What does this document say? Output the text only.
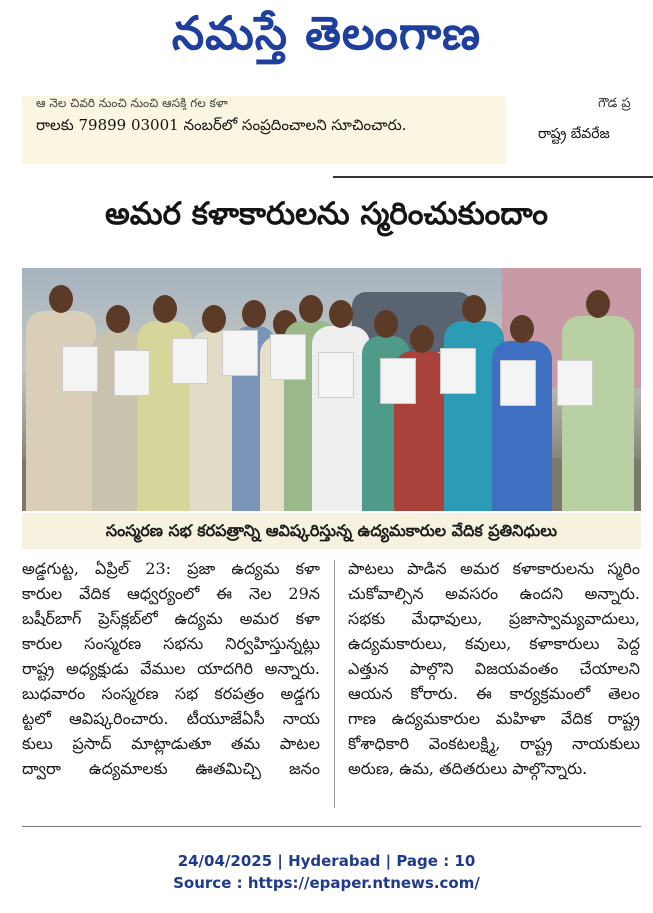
నమస్తే తెలంగాణ
ఆ నెల చివరి నుంచి నుంచి ఆసక్తి గల కళా
రాలకు 79899 03001 నంబర్‌లో సంప్రదించాలని సూచించారు.
గౌడ ప్ర
రాష్ట్ర బేవరేజ
అమర కళాకారులను స్మరించుకుందాం
సంస్మరణ సభ కరపత్రాన్ని ఆవిష్కరిస్తున్న ఉద్యమకారుల వేదిక ప్రతినిధులు
అడ్డగుట్ట, ఏప్రిల్ 23: ప్రజా ఉద్యమ కళా
కారుల వేదిక ఆధ్వర్యంలో ఈ నెల 29న
బషీర్‌బాగ్ ప్రెస్‌క్లబ్‌లో ఉద్యమ అమర కళా
కారుల సంస్మరణ సభను నిర్వహిస్తున్నట్లు
రాష్ట్ర అధ్యక్షుడు వేముల యాదగిరి అన్నారు.
బుధవారం సంస్మరణ సభ కరపత్రం అడ్డగు
ట్టలో ఆవిష్కరించారు. టీయూజేఏసీ నాయ
కులు ప్రసాద్ మాట్లాడుతూ తమ పాటల
ద్వారా ఉద్యమాలకు ఊతమిచ్చి జనం
పాటలు పాడిన అమర కళాకారులను స్మరిం
చుకోవాల్సిన అవసరం ఉందని అన్నారు.
సభకు మేధావులు, ప్రజాస్వామ్యవాదులు,
ఉద్యమకారులు, కవులు, కళాకారులు పెద్ద
ఎత్తున పాల్గొని విజయవంతం చేయాలని
ఆయన కోరారు. ఈ కార్యక్రమంలో తెలం
గాణ ఉద్యమకారుల మహిళా వేదిక రాష్ట్ర
కోశాధికారి వెంకటలక్ష్మి, రాష్ట్ర నాయకులు
అరుణ, ఉమ, తదితరులు పాల్గొన్నారు.
24/04/2025 | Hyderabad | Page : 10
Source : https://epaper.ntnews.com/
